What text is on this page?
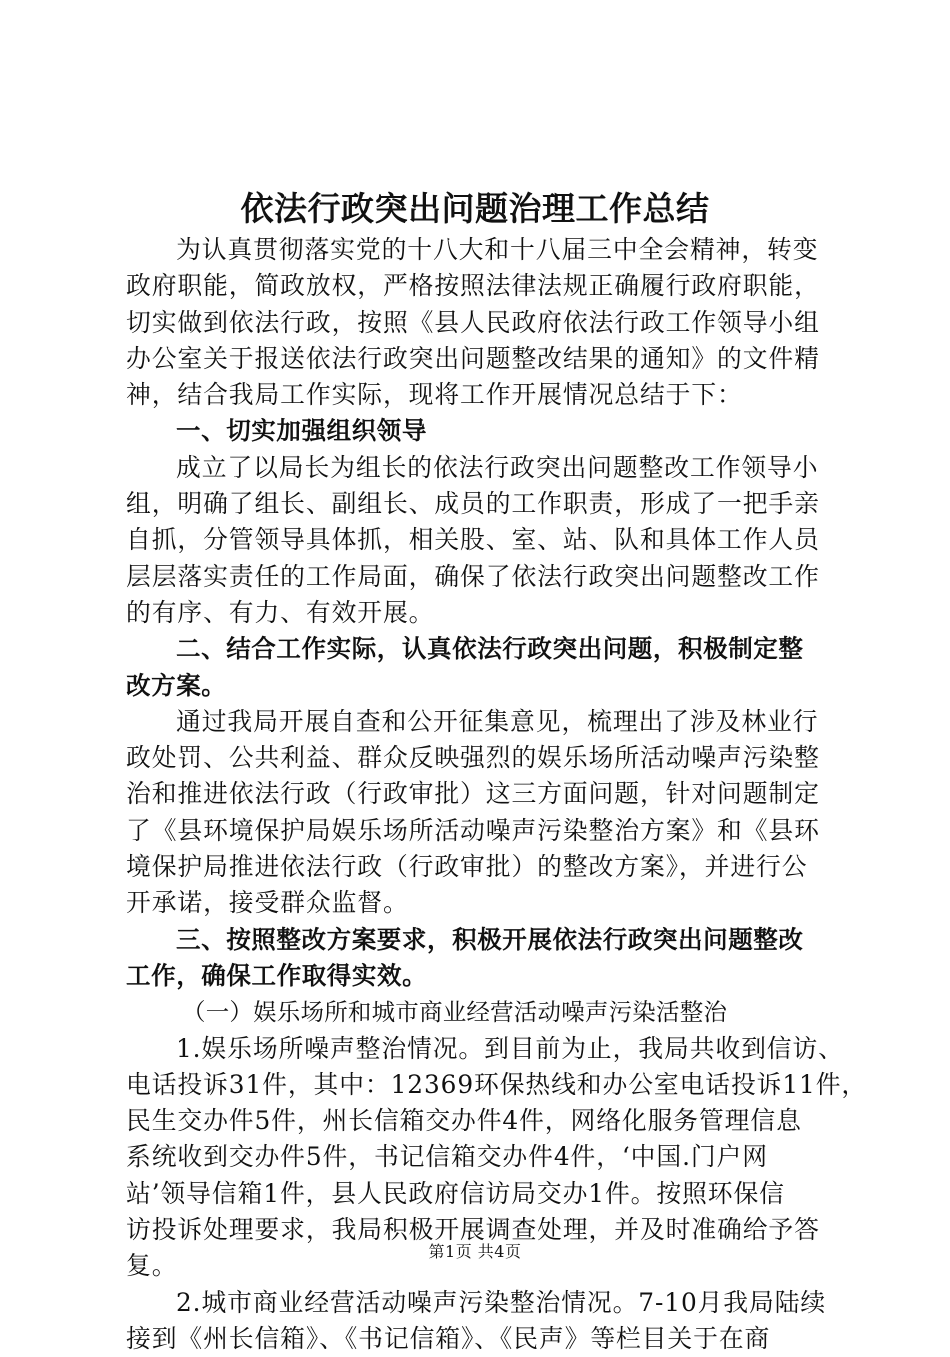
依法行政突出问题治理工作总结
为认真贯彻落实党的十八大和十八届三中全会精神，转变
政府职能，简政放权，严格按照法律法规正确履行政府职能，
切实做到依法行政，按照《县人民政府依法行政工作领导小组
办公室关于报送依法行政突出问题整改结果的通知》的文件精
神，结合我局工作实际，现将工作开展情况总结于下：
一、切实加强组织领导
成立了以局长为组长的依法行政突出问题整改工作领导小
组，明确了组长、副组长、成员的工作职责，形成了一把手亲
自抓，分管领导具体抓，相关股、室、站、队和具体工作人员
层层落实责任的工作局面，确保了依法行政突出问题整改工作
的有序、有力、有效开展。
二、结合工作实际，认真依法行政突出问题，积极制定整
改方案。
通过我局开展自查和公开征集意见，梳理出了涉及林业行
政处罚、公共利益、群众反映强烈的娱乐场所活动噪声污染整
治和推进依法行政（行政审批）这三方面问题，针对问题制定
了《县环境保护局娱乐场所活动噪声污染整治方案》和《县环
境保护局推进依法行政（行政审批）的整改方案》，并进行公
开承诺，接受群众监督。
三、按照整改方案要求，积极开展依法行政突出问题整改
工作，确保工作取得实效。
（一）娱乐场所和城市商业经营活动噪声污染活整治
1.娱乐场所噪声整治情况。到目前为止，我局共收到信访、
电话投诉31件，其中：12369环保热线和办公室电话投诉11件，
民生交办件5件，州长信箱交办件4件，网络化服务管理信息
系统收到交办件5件，书记信箱交办件4件，‘中国.门户网
站’领导信箱1件，县人民政府信访局交办1件。按照环保信
访投诉处理要求，我局积极开展调查处理，并及时准确给予答
复。
2.城市商业经营活动噪声污染整治情况。7-10月我局陆续
接到《州长信箱》、《书记信箱》、《民声》等栏目关于在商
第1页 共4页
